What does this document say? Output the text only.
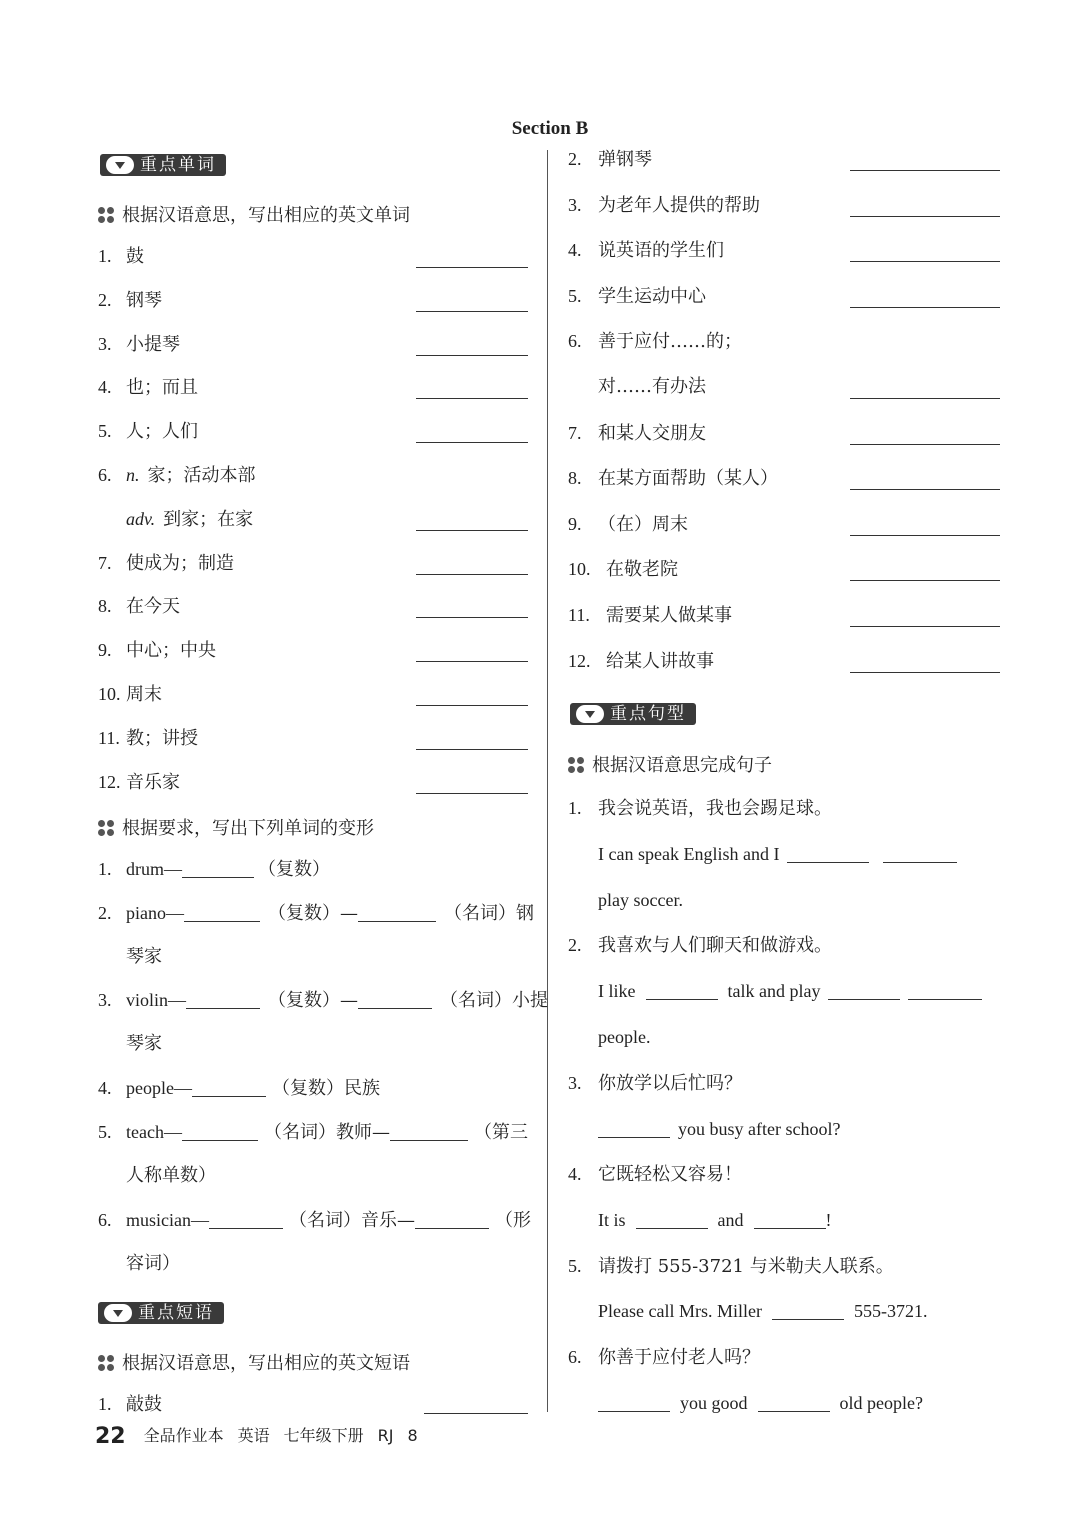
Section B
重点单词
根据汉语意思，写出相应的英文单词
1. 鼓
2. 钢琴
3. 小提琴
4. 也；而且
5. 人；人们
6. n. 家；活动本部
adv. 到家；在家
7. 使成为；制造
8. 在今天
9. 中心；中央
10. 周末
11. 教；讲授
12. 音乐家
根据要求，写出下列单词的变形
1. drum—	（复数）
2. piano—	（复数）—	（名词）钢
琴家
3. violin—	（复数）—	（名词）小提
琴家
4. people—	（复数）民族
5. teach—	（名词）教师—	（第三
人称单数）
6. musician—	（名词）音乐—	（形
容词）
重点短语
根据汉语意思，写出相应的英文短语
1. 敲鼓
2. 弹钢琴
3. 为老年人提供的帮助
4. 说英语的学生们
5. 学生运动中心
6. 善于应付……的；
对……有办法
7. 和某人交朋友
8. 在某方面帮助（某人）
9. （在）周末
10. 在敬老院
11. 需要某人做某事
12. 给某人讲故事
重点句型
根据汉语意思完成句子
1. 我会说英语，我也会踢足球。
I can speak English and I
play soccer.
2. 我喜欢与人们聊天和做游戏。
I like	talk and play
people.
3. 你放学以后忙吗？
you busy after school?
4. 它既轻松又容易！
It is	and	!
5. 请拨打 555-3721 与米勒夫人联系。
Please call Mrs. Miller	555-3721.
6. 你善于应付老人吗？
you good	old people?
22 全品作业本 英语 七年级下册 RJ 8
